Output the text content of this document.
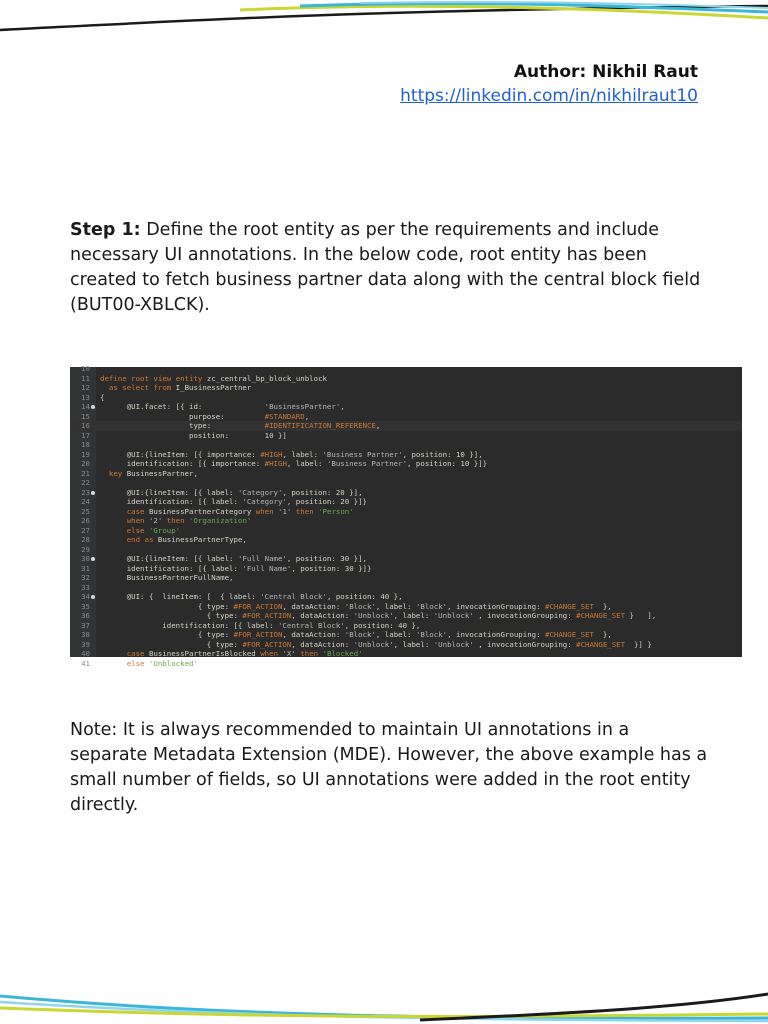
Author: Nikhil Raut
https://linkedin.com/in/nikhilraut10
Step 1: Define the root entity as per the requirements and include necessary UI annotations. In the below code, root entity has been created to fetch business partner data along with the central block field (BUT00-XBLCK).
10
11 define root view entity zc_central_bp_block_unblock
12	as select from I_BusinessPartner
13 {
14 @UI.facet: [{ id:              'BusinessPartner',
15 purpose:         #STANDARD,
16 type:            #IDENTIFICATION_REFERENCE,
17 position:        10 }]
18
19 @UI:{lineItem: [{ importance: #HIGH, label: 'Business Partner', position: 10 }],
20 identification: [{ importance: #HIGH, label: 'Business Partner', position: 10 }]}
21	key BusinessPartner,
22
23 @UI:{lineItem: [{ label: 'Category', position: 20 }],
24 identification: [{ label: 'Category', position: 20 }]}
25	case BusinessPartnerCategory when '1' then 'Person'
26	when '2' then 'Organization'
27	else 'Group'
28	end as BusinessPartnerType,
29
30 @UI:{lineItem: [{ label: 'Full Name', position: 30 }],
31 identification: [{ label: 'Full Name', position: 30 }]}
32 BusinessPartnerFullName,
33
34 @UI: {  lineItem: [  { label: 'Central Block', position: 40 },
35 { type: #FOR_ACTION, dataAction: 'Block', label: 'Block', invocationGrouping: #CHANGE_SET  },
36 { type: #FOR_ACTION, dataAction: 'Unblock', label: 'Unblock' , invocationGrouping: #CHANGE_SET }   ],
37 identification: [{ label: 'Central Block', position: 40 },
38 { type: #FOR_ACTION, dataAction: 'Block', label: 'Block', invocationGrouping: #CHANGE_SET  },
39 { type: #FOR_ACTION, dataAction: 'Unblock', label: 'Unblock' , invocationGrouping: #CHANGE_SET  }] }
40	case BusinessPartnerIsBlocked when 'X' then 'Blocked'
41	else 'Unblocked'
Note: It is always recommended to maintain UI annotations in a separate Metadata Extension (MDE). However, the above example has a small number of fields, so UI annotations were added in the root entity directly.
